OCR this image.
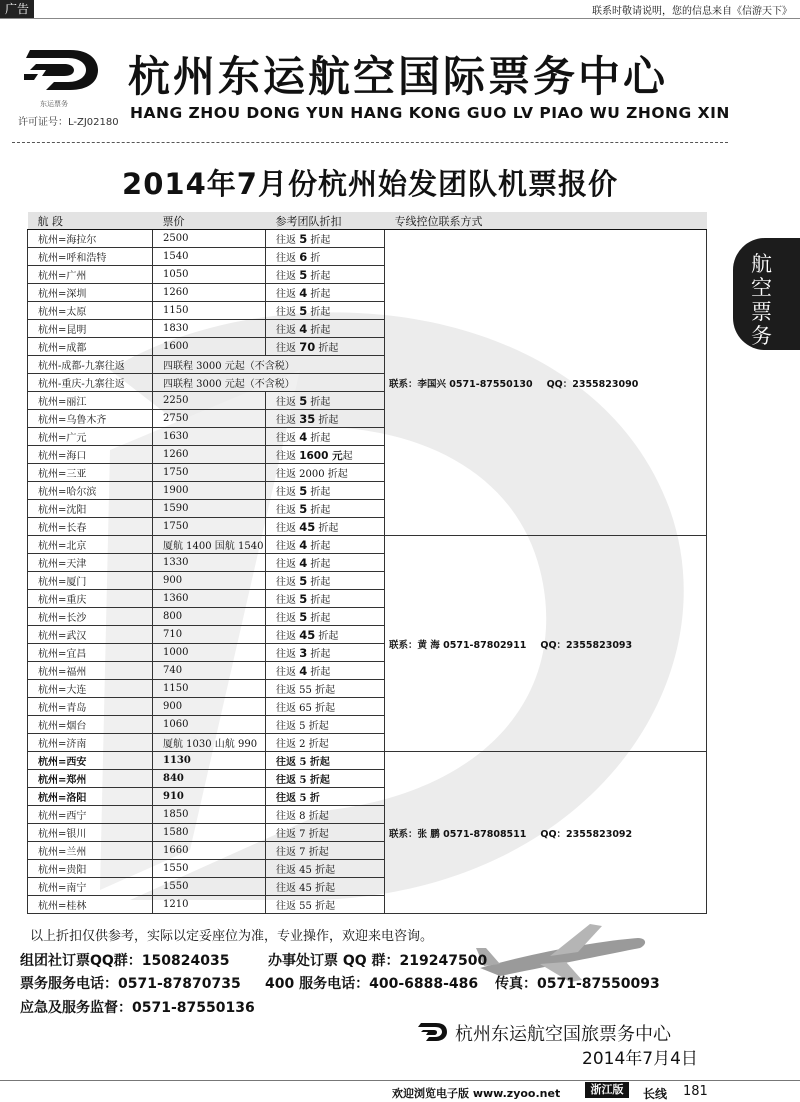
广告	联系时敬请说明，您的信息来自《信游天下》
东运票务
许可证号：L-ZJ02180
杭州东运航空国际票务中心
HANG ZHOU DONG YUN HANG KONG GUO LV PIAO WU ZHONG XIN
2014年7月份杭州始发团队机票报价
航
空
票
务
航 段	票价	参考团队折扣	专线控位联系方式
杭州=海拉尔	2500	往返 5 折起	联系：李国兴 0571-87550130 QQ：2355823090
杭州=呼和浩特	1540	往返 6 折	
杭州=广州	1050	往返 5 折起	
杭州=深圳	1260	往返 4 折起	
杭州=太原	1150	往返 5 折起	
杭州=昆明	1830	往返 4 折起	
杭州=成都	1600	往返 70 折起	
杭州-成都-九寨往返	四联程 3000 元起（不含税）		
杭州-重庆-九寨往返	四联程 3000 元起（不含税）		
杭州=丽江	2250	往返 5 折起	
杭州=乌鲁木齐	2750	往返 35 折起	
杭州=广元	1630	往返 4 折起	
杭州=海口	1260	往返 1600 元起	
杭州=三亚	1750	往返 2000 折起	
杭州=哈尔滨	1900	往返 5 折起	
杭州=沈阳	1590	往返 5 折起	
杭州=长春	1750	往返 45 折起	
杭州=北京	厦航 1400 国航 1540	往返 4 折起	联系：黄 海 0571-87802911 QQ：2355823093
杭州=天津	1330	往返 4 折起	
杭州=厦门	900	往返 5 折起	
杭州=重庆	1360	往返 5 折起	
杭州=长沙	800	往返 5 折起	
杭州=武汉	710	往返 45 折起	
杭州=宜昌	1000	往返 3 折起	
杭州=福州	740	往返 4 折起	
杭州=大连	1150	往返 55 折起	
杭州=青岛	900	往返 65 折起	
杭州=烟台	1060	往返 5 折起	
杭州=济南	厦航 1030 山航 990	往返 2 折起	
杭州=西安	1130	往返 5 折起	联系：张 鹏 0571-87808511 QQ：2355823092
杭州=郑州	840	往返 5 折起	
杭州=洛阳	910	往返 5 折	
杭州=西宁	1850	往返 8 折起	
杭州=银川	1580	往返 7 折起	
杭州=兰州	1660	往返 7 折起	
杭州=贵阳	1550	往返 45 折起	
杭州=南宁	1550	往返 45 折起	
杭州=桂林	1210	往返 55 折起	
以上折扣仅供参考，实际以定妥座位为准，专业操作，欢迎来电咨询。
组团社订票QQ群：150824035	办事处订票 QQ 群：219247500
票务服务电话：0571-87870735 400 服务电话：400-6888-486 传真：0571-87550093
应急及服务监督：0571-87550136
杭州东运航空国旅票务中心
2014年7月4日
欢迎浏览电子版 www.zyoo.net	浙江版	长线 181
